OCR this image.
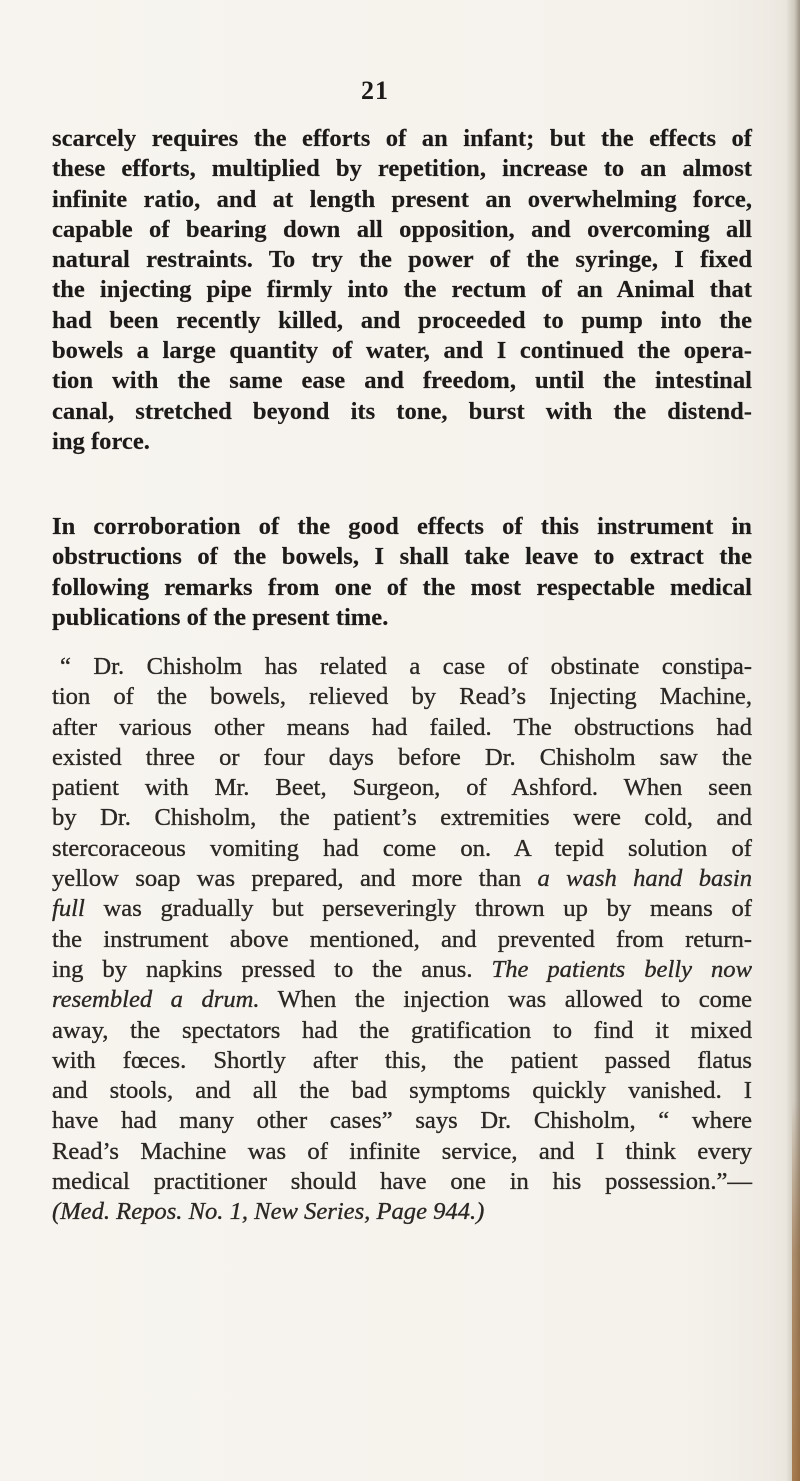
21
scarcely requires the efforts of an infant; but the effects of
these efforts, multiplied by repetition, increase to an almost
infinite ratio, and at length present an overwhelming force,
capable of bearing down all opposition, and overcoming all
natural restraints. To try the power of the syringe, I fixed
the injecting pipe firmly into the rectum of an Animal that
had been recently killed, and proceeded to pump into the
bowels a large quantity of water, and I continued the opera-
tion with the same ease and freedom, until the intestinal
canal, stretched beyond its tone, burst with the distend-
ing force.
In corroboration of the good effects of this instrument in
obstructions of the bowels, I shall take leave to extract the
following remarks from one of the most respectable medical
publications of the present time.
“ Dr. Chisholm has related a case of obstinate constipa-
tion of the bowels, relieved by Read’s Injecting Machine,
after various other means had failed. The obstructions had
existed three or four days before Dr. Chisholm saw the
patient with Mr. Beet, Surgeon, of Ashford. When seen
by Dr. Chisholm, the patient’s extremities were cold, and
stercoraceous vomiting had come on. A tepid solution of
yellow soap was prepared, and more than a wash hand basin
full was gradually but perseveringly thrown up by means of
the instrument above mentioned, and prevented from return-
ing by napkins pressed to the anus. The patients belly now
resembled a drum. When the injection was allowed to come
away, the spectators had the gratification to find it mixed
with fœces. Shortly after this, the patient passed flatus
and stools, and all the bad symptoms quickly vanished. I
have had many other cases” says Dr. Chisholm, “ where
Read’s Machine was of infinite service, and I think every
medical practitioner should have one in his possession.”—
(Med. Repos. No. 1, New Series, Page 944.)
